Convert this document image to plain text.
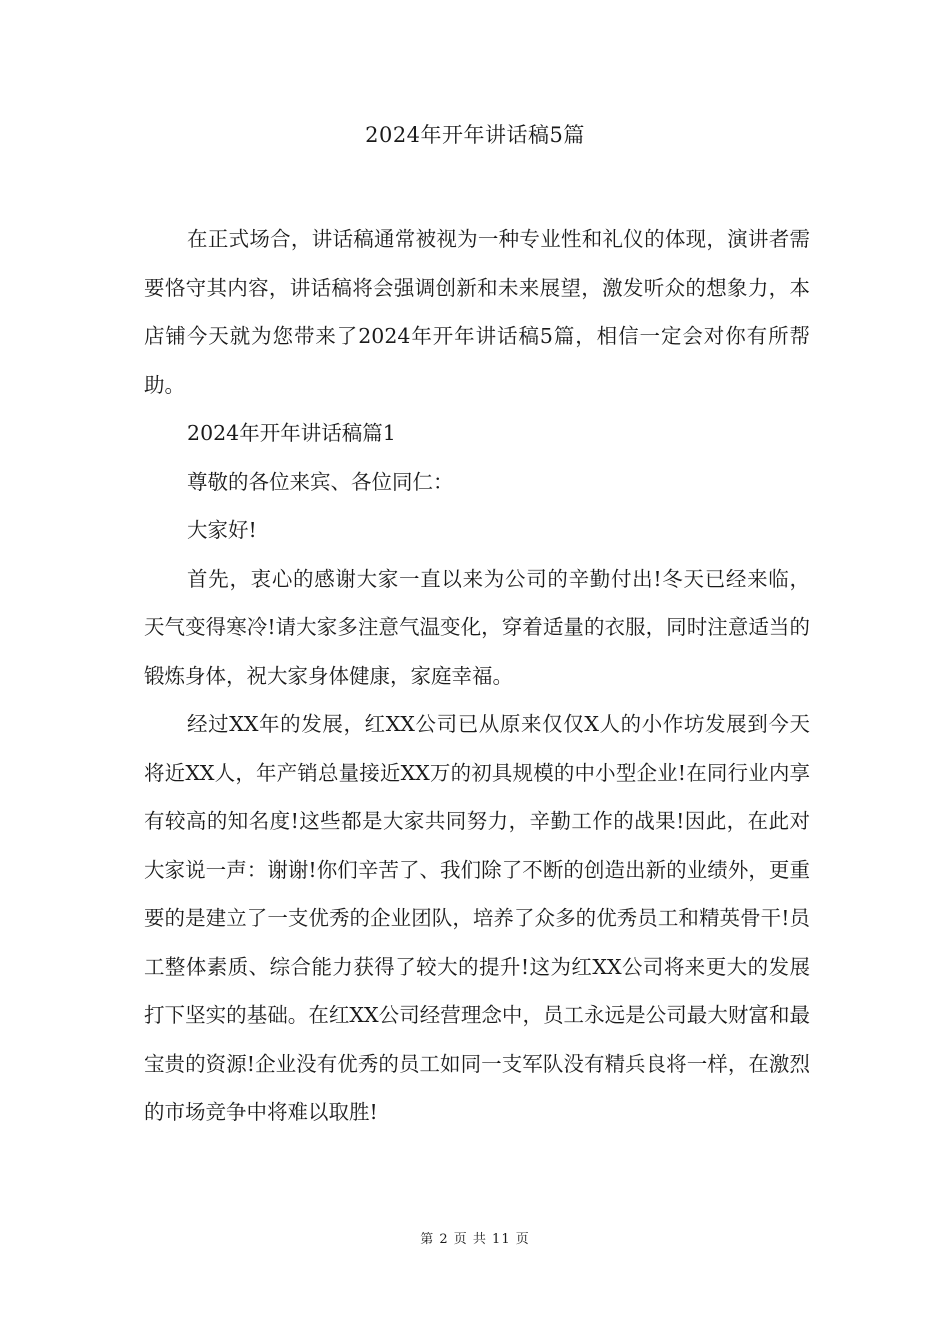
2024年开年讲话稿5篇

在正式场合，讲话稿通常被视为一种专业性和礼仪的体现，演讲者需要恪守其内容，讲话稿将会强调创新和未来展望，激发听众的想象力，本店铺今天就为您带来了2024年开年讲话稿5篇，相信一定会对你有所帮助。

2024年开年讲话稿篇1

尊敬的各位来宾、各位同仁：

大家好!

首先，衷心的感谢大家一直以来为公司的辛勤付出!冬天已经来临，天气变得寒冷!请大家多注意气温变化，穿着适量的衣服，同时注意适当的锻炼身体，祝大家身体健康，家庭幸福。

经过XX年的发展，红XX公司已从原来仅仅X人的小作坊发展到今天将近XX人，年产销总量接近XX万的初具规模的中小型企业!在同行业内享有较高的知名度!这些都是大家共同努力，辛勤工作的战果!因此，在此对大家说一声：谢谢!你们辛苦了、我们除了不断的创造出新的业绩外，更重要的是建立了一支优秀的企业团队，培养了众多的优秀员工和精英骨干!员工整体素质、综合能力获得了较大的提升!这为红XX公司将来更大的发展打下坚实的基础。在红XX公司经营理念中，员工永远是公司最大财富和最宝贵的资源!企业没有优秀的员工如同一支军队没有精兵良将一样，在激烈的市场竞争中将难以取胜!

第 2 页 共 11 页
